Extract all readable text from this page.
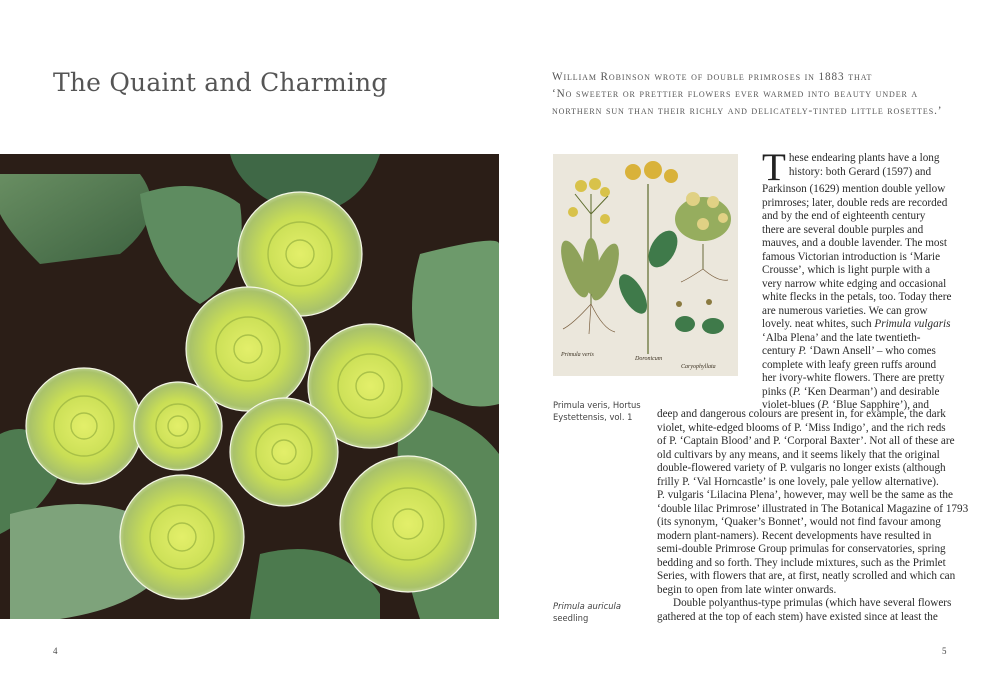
The Quaint and Charming
4
William Robinson wrote of double primroses in 1883 that
‘No sweeter or prettier flowers ever warmed into beauty under a
northern sun than their richly and delicately-tinted little rosettes.’
Primula veris
Doronicum
Caryophyllata
Primula veris, Hortus
Eystettensis, vol. 1
Primula auricula
seedling
T hese endearing plants have a long
history: both Gerard (1597) and
Parkinson (1629) mention double yellow
primroses; later, double reds are recorded
and by the end of eighteenth century
there are several double purples and
mauves, and a double lavender. The most
famous Victorian introduction is ‘Marie
Crousse’, which is light purple with a
very narrow white edging and occasional
white flecks in the petals, too. Today there
are numerous varieties. We can grow
lovely. neat whites, such Primula vulgaris
‘Alba Plena’ and the late twentieth-
century P. ‘Dawn Ansell’ – who comes
complete with leafy green ruffs around
her ivory-white flowers. There are pretty
pinks (P. ‘Ken Dearman’) and desirable
violet-blues (P. ‘Blue Sapphire’), and
deep and dangerous colours are present in, for example, the dark
violet, white-edged blooms of P. ‘Miss Indigo’, and the rich reds
of P. ‘Captain Blood’ and P. ‘Corporal Baxter’. Not all of these are
old cultivars by any means, and it seems likely that the original
double-flowered variety of P. vulgaris no longer exists (although
frilly P. ‘Val Horncastle’ is one lovely, pale yellow alternative).
P. vulgaris ‘Lilacina Plena’, however, may well be the same as the
‘double lilac Primrose’ illustrated in The Botanical Magazine of 1793
(its synonym, ‘Quaker’s Bonnet’, would not find favour among
modern plant-namers). Recent developments have resulted in
semi-double Primrose Group primulas for conservatories, spring
bedding and so forth. They include mixtures, such as the Primlet
Series, with flowers that are, at first, neatly scrolled and which can
begin to open from late winter onwards.
Double polyanthus-type primulas (which have several flowers
gathered at the top of each stem) have existed since at least the
5
